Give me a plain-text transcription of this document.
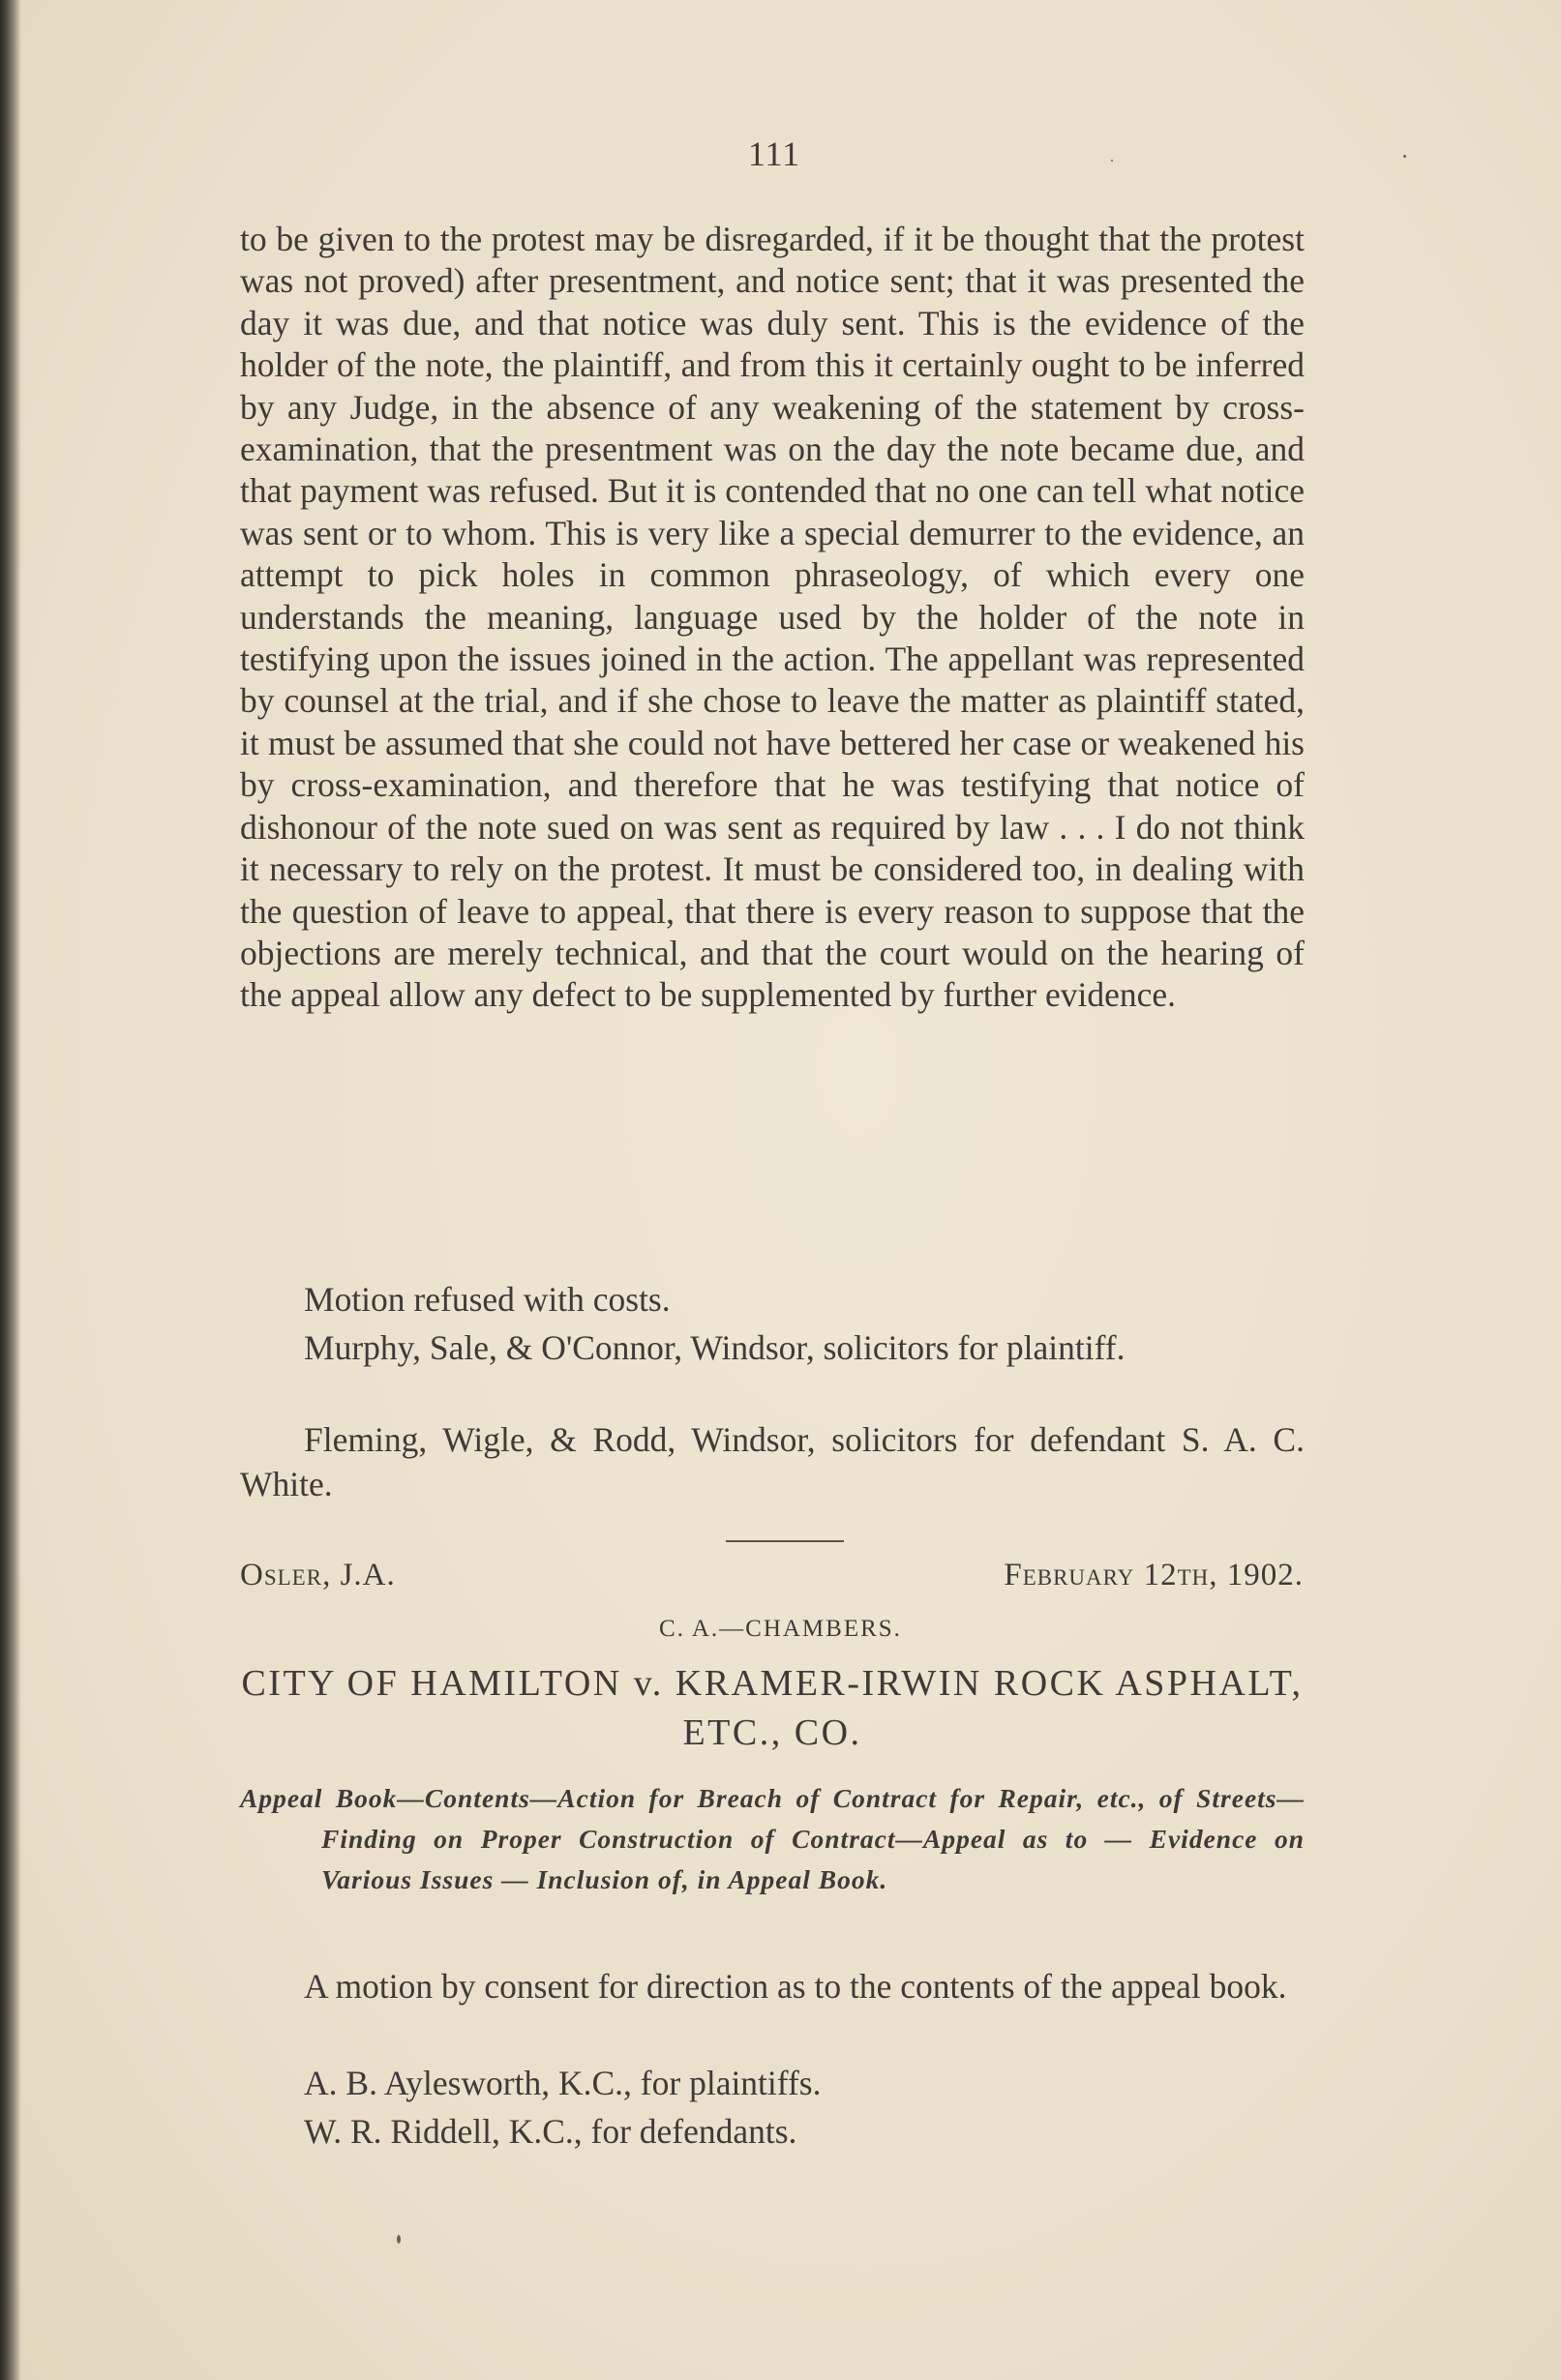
111

to be given to the protest may be disregarded, if it be thought that the protest was not proved) after presentment, and notice sent; that it was presented the day it was due, and that notice was duly sent. This is the evidence of the holder of the note, the plaintiff, and from this it certainly ought to be inferred by any Judge, in the absence of any weakening of the statement by cross-examination, that the presentment was on the day the note became due, and that payment was refused. But it is contended that no one can tell what notice was sent or to whom. This is very like a special demurrer to the evidence, an attempt to pick holes in common phraseology, of which every one understands the meaning, language used by the holder of the note in testifying upon the issues joined in the action. The appellant was represented by counsel at the trial, and if she chose to leave the matter as plaintiff stated, it must be assumed that she could not have bettered her case or weakened his by cross-examination, and therefore that he was testifying that notice of dishonour of the note sued on was sent as required by law . . . I do not think it necessary to rely on the protest. It must be considered too, in dealing with the question of leave to appeal, that there is every reason to suppose that the objections are merely technical, and that the court would on the hearing of the appeal allow any defect to be supplemented by further evidence.

Motion refused with costs.
Murphy, Sale, & O'Connor, Windsor, solicitors for plaintiff.
Fleming, Wigle, & Rodd, Windsor, solicitors for defendant S. A. C. White.
Osler, J.A.	February 12th, 1902.
C. A.—CHAMBERS.
CITY OF HAMILTON v. KRAMER-IRWIN ROCK ASPHALT, ETC., CO.
Appeal Book—Contents—Action for Breach of Contract for Repair, etc., of Streets—Finding on Proper Construction of Contract—Appeal as to — Evidence on Various Issues — Inclusion of, in Appeal Book.
A motion by consent for direction as to the contents of the appeal book.
A. B. Aylesworth, K.C., for plaintiffs.
W. R. Riddell, K.C., for defendants.
